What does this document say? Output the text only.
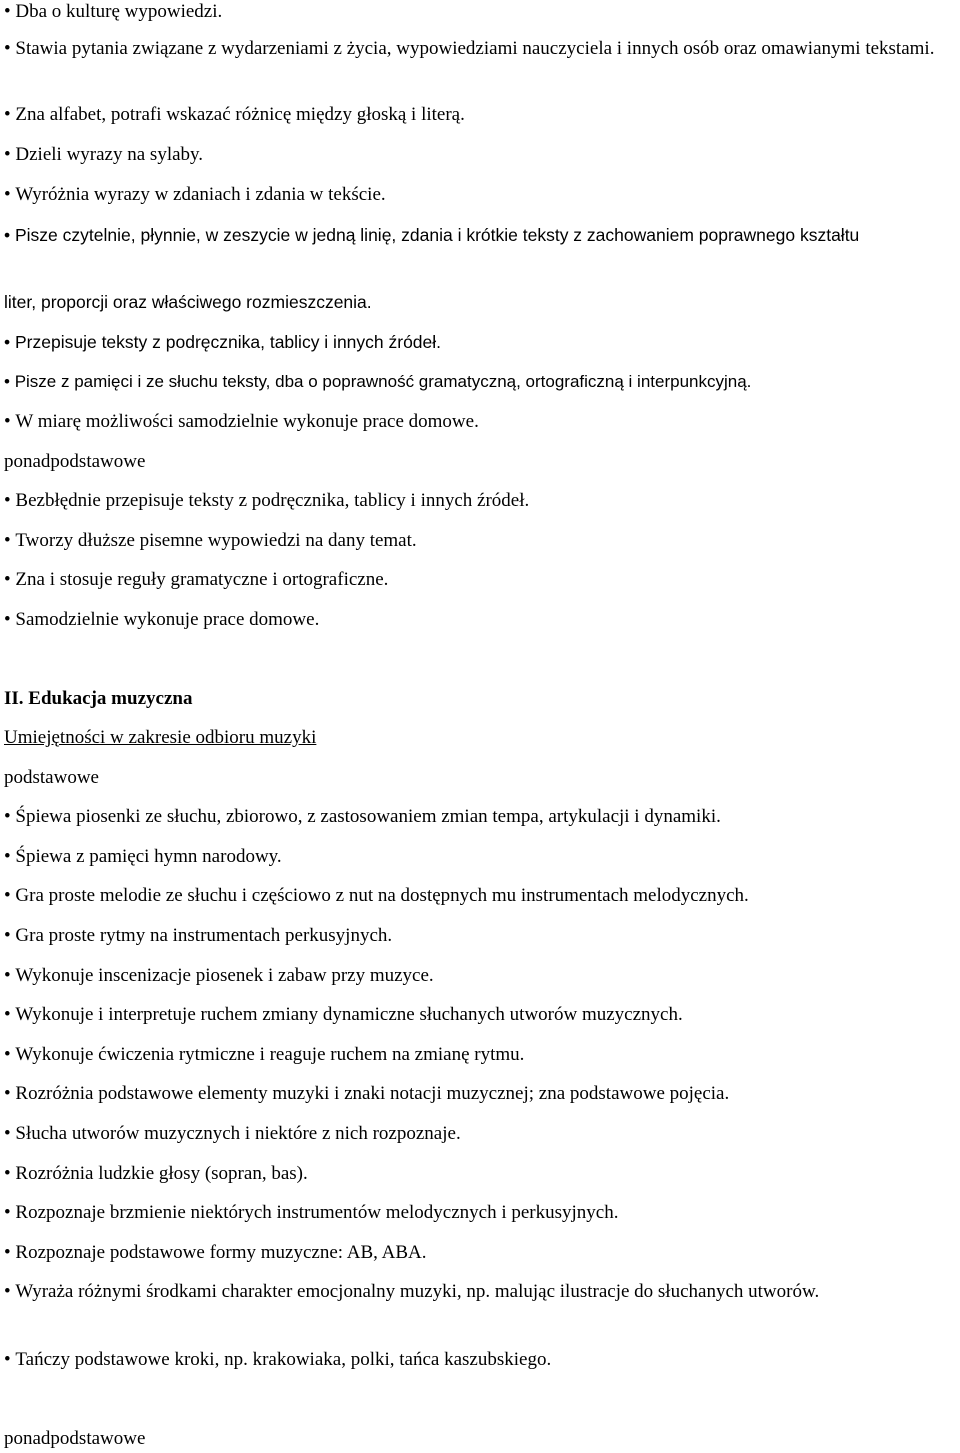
• Dba o kulturę wypowiedzi.
• Stawia pytania związane z wydarzeniami z życia, wypowiedziami nauczyciela i innych osób oraz omawianymi tekstami.
• Zna alfabet, potrafi wskazać różnicę między głoską i literą.
• Dzieli wyrazy na sylaby.
• Wyróżnia wyrazy w zdaniach i zdania w tekście.
• Pisze czytelnie, płynnie, w zeszycie w jedną linię, zdania i krótkie teksty z zachowaniem poprawnego kształtu
liter, proporcji oraz właściwego rozmieszczenia.
• Przepisuje teksty z podręcznika, tablicy i innych źródeł.
• Pisze z pamięci i ze słuchu teksty, dba o poprawność gramatyczną, ortograficzną i interpunkcyjną.
• W miarę możliwości samodzielnie wykonuje prace domowe.
ponadpodstawowe
• Bezbłędnie przepisuje teksty z podręcznika, tablicy i innych źródeł.
• Tworzy dłuższe pisemne wypowiedzi na dany temat.
• Zna i stosuje reguły gramatyczne i ortograficzne.
• Samodzielnie wykonuje prace domowe.
II. Edukacja muzyczna
Umiejętności w zakresie odbioru muzyki
podstawowe
• Śpiewa piosenki ze słuchu, zbiorowo, z zastosowaniem zmian tempa, artykulacji i dynamiki.
• Śpiewa z pamięci hymn narodowy.
• Gra proste melodie ze słuchu i częściowo z nut na dostępnych mu instrumentach melodycznych.
• Gra proste rytmy na instrumentach perkusyjnych.
• Wykonuje inscenizacje piosenek i zabaw przy muzyce.
• Wykonuje i interpretuje ruchem zmiany dynamiczne słuchanych utworów muzycznych.
• Wykonuje ćwiczenia rytmiczne i reaguje ruchem na zmianę rytmu.
• Rozróżnia podstawowe elementy muzyki i znaki notacji muzycznej; zna podstawowe pojęcia.
• Słucha utworów muzycznych i niektóre z nich rozpoznaje.
• Rozróżnia ludzkie głosy (sopran, bas).
• Rozpoznaje brzmienie niektórych instrumentów melodycznych i perkusyjnych.
• Rozpoznaje podstawowe formy muzyczne: AB, ABA.
• Wyraża różnymi środkami charakter emocjonalny muzyki, np. malując ilustracje do słuchanych utworów.
• Tańczy podstawowe kroki, np. krakowiaka, polki, tańca kaszubskiego.
ponadpodstawowe
